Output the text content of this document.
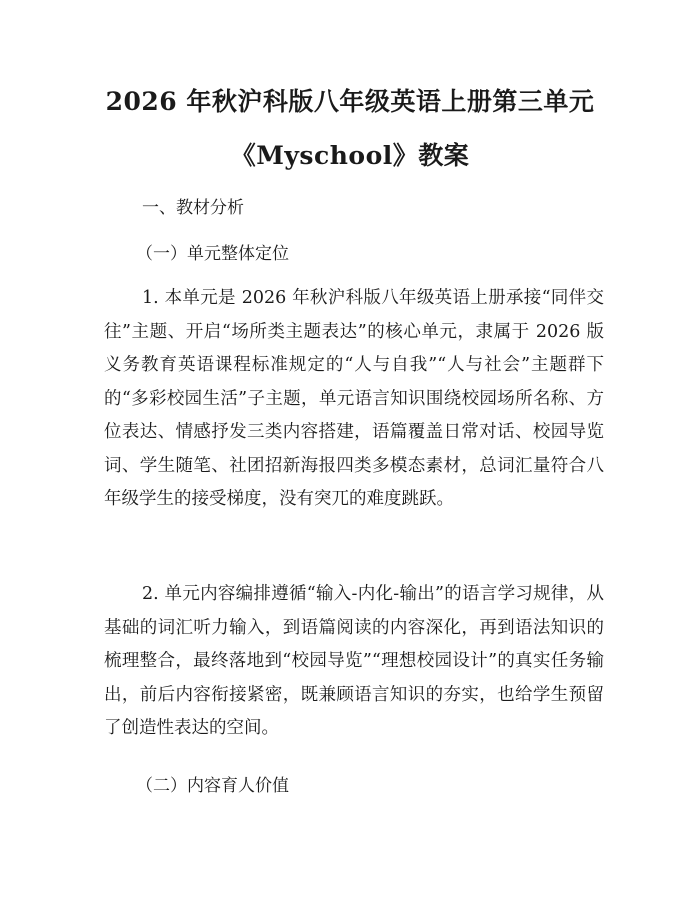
2026 年秋沪科版八年级英语上册第三单元
《Myschool》教案
一、教材分析
（一）单元整体定位

1. 本单元是 2026 年秋沪科版八年级英语上册承接“同伴交往”主题、开启“场所类主题表达”的核心单元，隶属于 2026 版义务教育英语课程标准规定的“人与自我”“人与社会”主题群下的“多彩校园生活”子主题，单元语言知识围绕校园场所名称、方位表达、情感抒发三类内容搭建，语篇覆盖日常对话、校园导览词、学生随笔、社团招新海报四类多模态素材，总词汇量符合八年级学生的接受梯度，没有突兀的难度跳跃。

2. 单元内容编排遵循“输入-内化-输出”的语言学习规律，从基础的词汇听力输入，到语篇阅读的内容深化，再到语法知识的梳理整合，最终落地到“校园导览”“理想校园设计”的真实任务输出，前后内容衔接紧密，既兼顾语言知识的夯实，也给学生预留了创造性表达的空间。

（二）内容育人价值
